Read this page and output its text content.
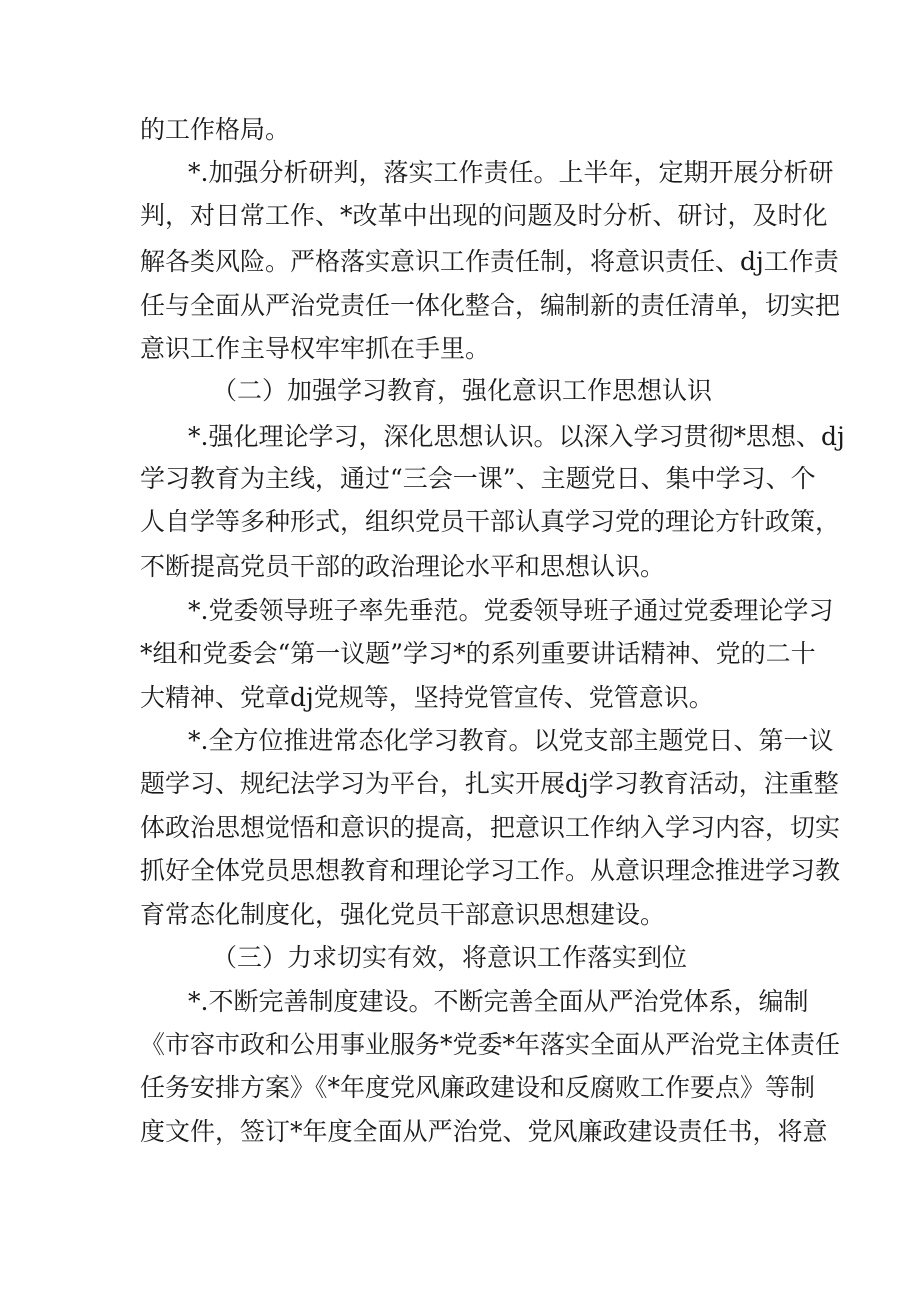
的工作格局。
*.加强分析研判，落实工作责任。上半年，定期开展分析研
判，对日常工作、*改革中出现的问题及时分析、研讨，及时化
解各类风险。严格落实意识工作责任制，将意识责任、dj工作责
任与全面从严治党责任一体化整合，编制新的责任清单，切实把
意识工作主导权牢牢抓在手里。
（二）加强学习教育，强化意识工作思想认识
*.强化理论学习，深化思想认识。以深入学习贯彻*思想、dj
学习教育为主线，通过“三会一课”、主题党日、集中学习、个
人自学等多种形式，组织党员干部认真学习党的理论方针政策，
不断提高党员干部的政治理论水平和思想认识。
*.党委领导班子率先垂范。党委领导班子通过党委理论学习
*组和党委会“第一议题”学习*的系列重要讲话精神、党的二十
大精神、党章dj党规等，坚持党管宣传、党管意识。
*.全方位推进常态化学习教育。以党支部主题党日、第一议
题学习、规纪法学习为平台，扎实开展dj学习教育活动，注重整
体政治思想觉悟和意识的提高，把意识工作纳入学习内容，切实
抓好全体党员思想教育和理论学习工作。从意识理念推进学习教
育常态化制度化，强化党员干部意识思想建设。
（三）力求切实有效，将意识工作落实到位
*.不断完善制度建设。不断完善全面从严治党体系，编制
《市容市政和公用事业服务*党委*年落实全面从严治党主体责任
任务安排方案》《*年度党风廉政建设和反腐败工作要点》等制
度文件，签订*年度全面从严治党、党风廉政建设责任书，将意
